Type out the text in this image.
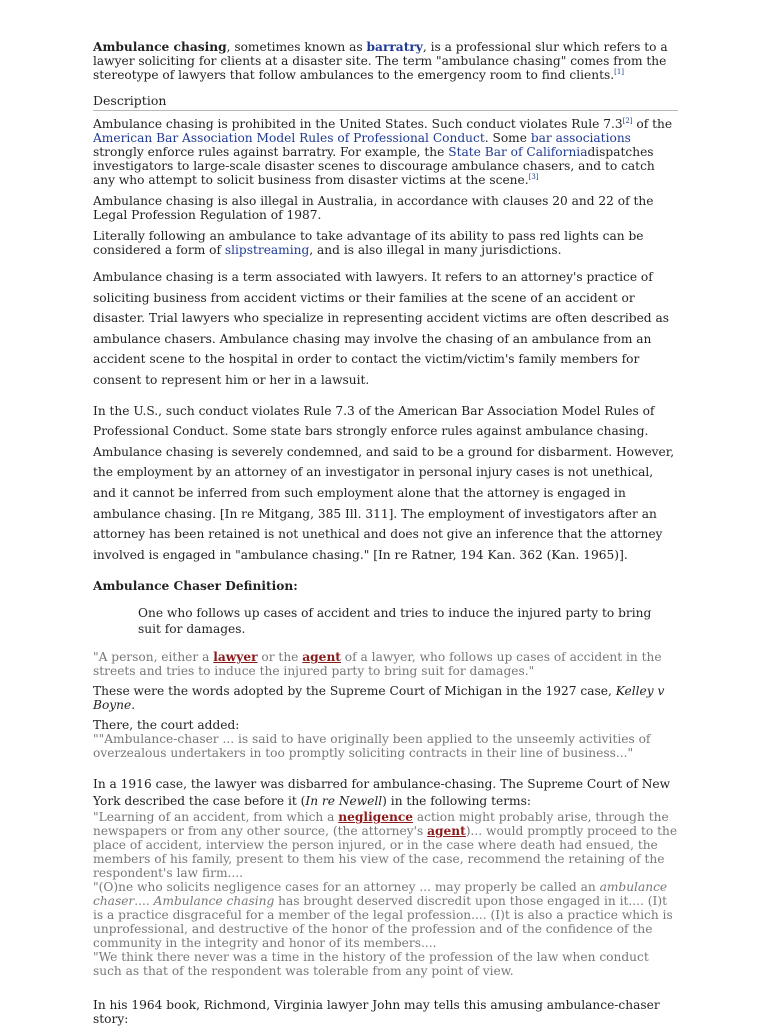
Ambulance chasing, sometimes known as barratry, is a professional slur which refers to a lawyer soliciting for clients at a disaster site. The term "ambulance chasing" comes from the stereotype of lawyers that follow ambulances to the emergency room to find clients.[1]

Description

Ambulance chasing is prohibited in the United States. Such conduct violates Rule 7.3[2] of the American Bar Association Model Rules of Professional Conduct. Some bar associations strongly enforce rules against barratry. For example, the State Bar of Californiadispatches investigators to large-scale disaster scenes to discourage ambulance chasers, and to catch any who attempt to solicit business from disaster victims at the scene.[3]

Ambulance chasing is also illegal in Australia, in accordance with clauses 20 and 22 of the Legal Profession Regulation of 1987.

Literally following an ambulance to take advantage of its ability to pass red lights can be considered a form of slipstreaming, and is also illegal in many jurisdictions.

Ambulance chasing is a term associated with lawyers. It refers to an attorney's practice of soliciting business from accident victims or their families at the scene of an accident or disaster. Trial lawyers who specialize in representing accident victims are often described as ambulance chasers. Ambulance chasing may involve the chasing of an ambulance from an accident scene to the hospital in order to contact the victim/victim's family members for consent to represent him or her in a lawsuit.

In the U.S., such conduct violates Rule 7.3 of the American Bar Association Model Rules of Professional Conduct. Some state bars strongly enforce rules against ambulance chasing. Ambulance chasing is severely condemned, and said to be a ground for disbarment. However, the employment by an attorney of an investigator in personal injury cases is not unethical, and it cannot be inferred from such employment alone that the attorney is engaged in ambulance chasing. [In re Mitgang, 385 Ill. 311]. The employment of investigators after an attorney has been retained is not unethical and does not give an inference that the attorney involved is engaged in "ambulance chasing." [In re Ratner, 194 Kan. 362 (Kan. 1965)].

Ambulance Chaser Definition:

One who follows up cases of accident and tries to induce the injured party to bring suit for damages.

"A person, either a lawyer or the agent of a lawyer, who follows up cases of accident in the streets and tries to induce the injured party to bring suit for damages."

These were the words adopted by the Supreme Court of Michigan in the 1927 case, Kelley v Boyne.

There, the court added:

""Ambulance-chaser ... is said to have originally been applied to the unseemly activities of overzealous undertakers in too promptly soliciting contracts in their line of business..."

In a 1916 case, the lawyer was disbarred for ambulance-chasing. The Supreme Court of New York described the case before it (In re Newell) in the following terms:

"Learning of an accident, from which a negligence action might probably arise, through the newspapers or from any other source, (the attorney's agent)... would promptly proceed to the place of accident, interview the person injured, or in the case where death had ensued, the members of his family, present to them his view of the case, recommend the retaining of the respondent's law firm....

"(O)ne who solicits negligence cases for an attorney ... may properly be called an ambulance chaser.... Ambulance chasing has brought deserved discredit upon those engaged in it.... (I)t is a practice disgraceful for a member of the legal profession.... (I)t is also a practice which is unprofessional, and destructive of the honor of the profession and of the confidence of the community in the integrity and honor of its members....

"We think there never was a time in the history of the profession of the law when conduct such as that of the respondent was tolerable from any point of view.

In his 1964 book, Richmond, Virginia lawyer John may tells this amusing ambulance-chaser story:
